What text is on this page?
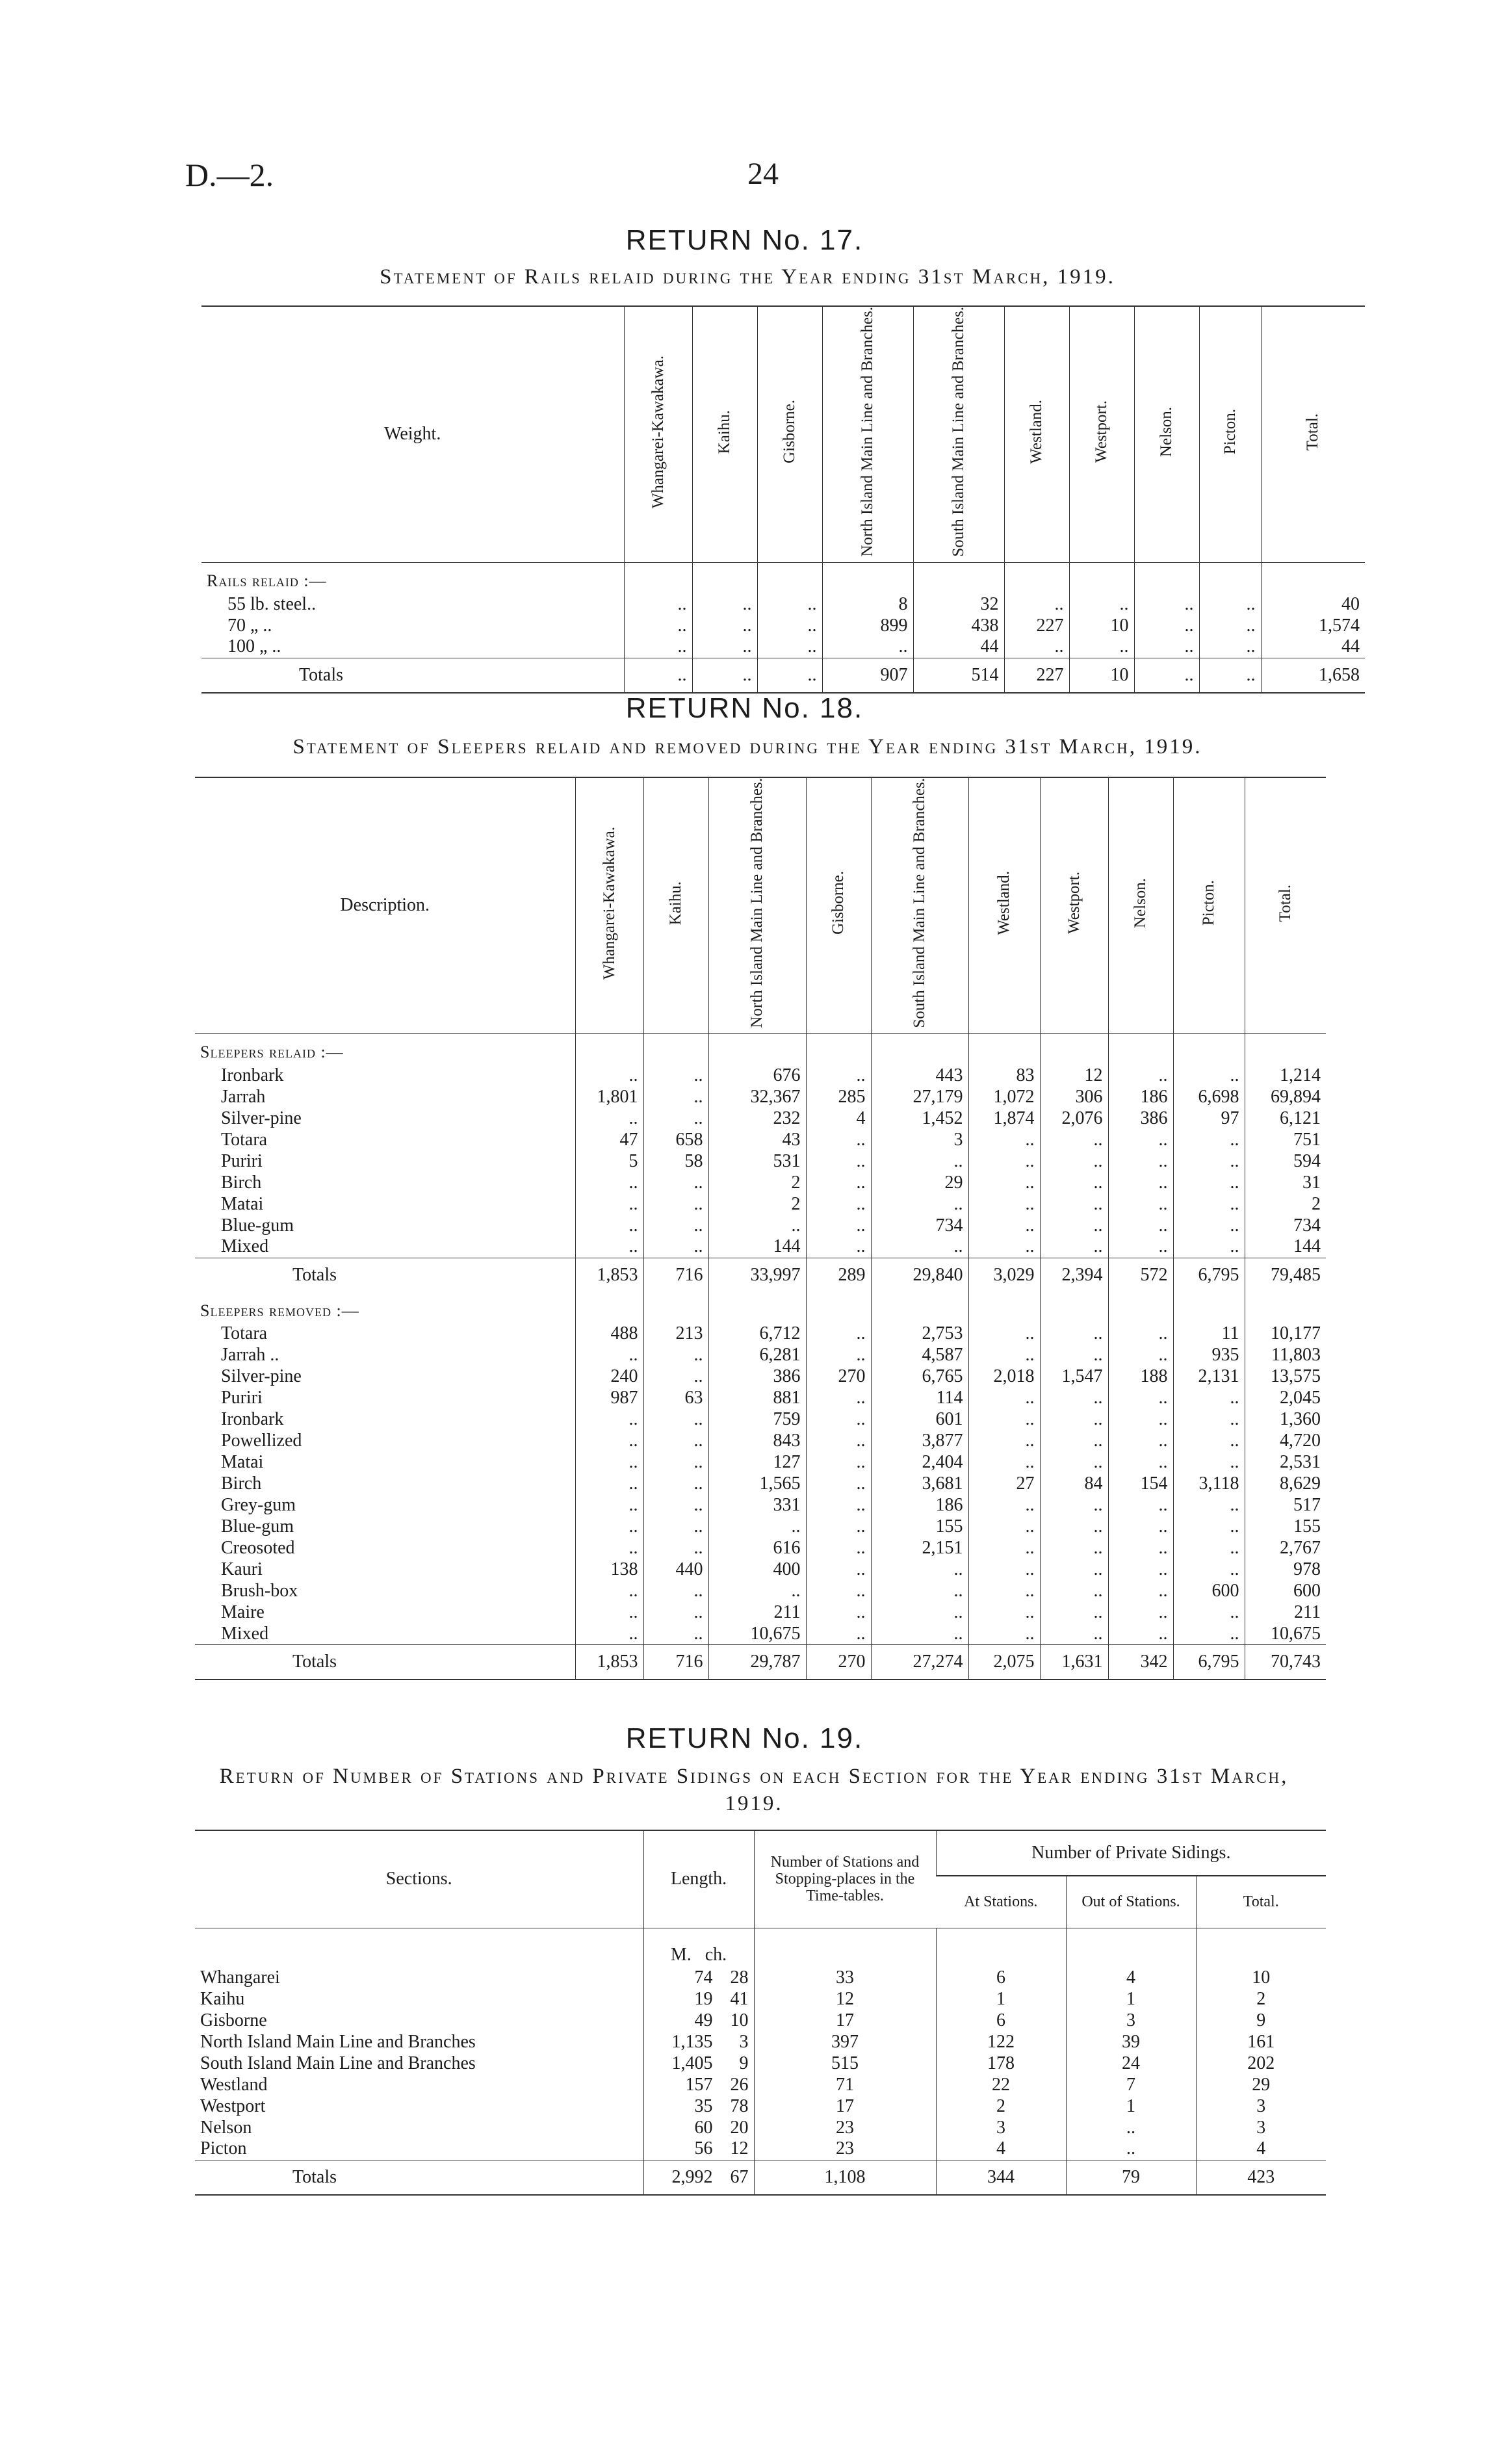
D.—2.	24
RETURN No. 17.
Statement of Rails relaid during the Year ending 31st March, 1919.
Weight.	Whangarei-Kawakawa.	Kaihu.	Gisborne.	North Island Main Line and Branches.	South Island Main Line and Branches.	Westland.	Westport.	Nelson.	Picton.	Total.
Rails relaid :—										
55 lb. steel..	..	..	..	8	32	..	..	..	..	40
70 „ ..	..	..	..	899	438	227	10	..	..	1,574
100 „ ..	..	..	..	..	44	..	..	..	..	44
Totals	..	..	..	907	514	227	10	..	..	1,658
RETURN No. 18.
Statement of Sleepers relaid and removed during the Year ending 31st March, 1919.
Description.	Whangarei-Kawakawa.	Kaihu.	North Island Main Line and Branches.	Gisborne.	South Island Main Line and Branches.	Westland.	Westport.	Nelson.	Picton.	Total.
Sleepers relaid :—										
Ironbark	..	..	676	..	443	83	12	..	..	1,214
Jarrah	1,801	..	32,367	285	27,179	1,072	306	186	6,698	69,894
Silver-pine	..	..	232	4	1,452	1,874	2,076	386	97	6,121
Totara	47	658	43	..	3	..	..	..	..	751
Puriri	5	58	531	..	..	..	..	..	..	594
Birch	..	..	2	..	29	..	..	..	..	31
Matai	..	..	2	..	..	..	..	..	..	2
Blue-gum	..	..	..	..	734	..	..	..	..	734
Mixed	..	..	144	..	..	..	..	..	..	144
Totals	1,853	716	33,997	289	29,840	3,029	2,394	572	6,795	79,485
Sleepers removed :—										
Totara	488	213	6,712	..	2,753	..	..	..	11	10,177
Jarrah ..	..	..	6,281	..	4,587	..	..	..	935	11,803
Silver-pine	240	..	386	270	6,765	2,018	1,547	188	2,131	13,575
Puriri	987	63	881	..	114	..	..	..	..	2,045
Ironbark	..	..	759	..	601	..	..	..	..	1,360
Powellized	..	..	843	..	3,877	..	..	..	..	4,720
Matai	..	..	127	..	2,404	..	..	..	..	2,531
Birch	..	..	1,565	..	3,681	27	84	154	3,118	8,629
Grey-gum	..	..	331	..	186	..	..	..	..	517
Blue-gum	..	..	..	..	155	..	..	..	..	155
Creosoted	..	..	616	..	2,151	..	..	..	..	2,767
Kauri	138	440	400	..	..	..	..	..	..	978
Brush-box	..	..	..	..	..	..	..	..	600	600
Maire	..	..	211	..	..	..	..	..	..	211
Mixed	..	..	10,675	..	..	..	..	..	..	10,675
Totals	1,853	716	29,787	270	27,274	2,075	1,631	342	6,795	70,743
RETURN No. 19.
Return of Number of Stations and Private Sidings on each Section for the Year ending 31st March, 1919.
Sections.	Length.	Number of Stations and Stopping-places in the Time-tables.	Number of Private Sidings.		
			At Stations.	Out of Stations.	Total.
	M. ch.				
Whangarei	74 28	33	6	4	10
Kaihu	19 41	12	1	1	2
Gisborne	49 10	17	6	3	9
North Island Main Line and Branches	1,135 3	397	122	39	161
South Island Main Line and Branches	1,405 9	515	178	24	202
Westland	157 26	71	22	7	29
Westport	35 78	17	2	1	3
Nelson	60 20	23	3	..	3
Picton	56 12	23	4	..	4
Totals	2,992 67	1,108	344	79	423
